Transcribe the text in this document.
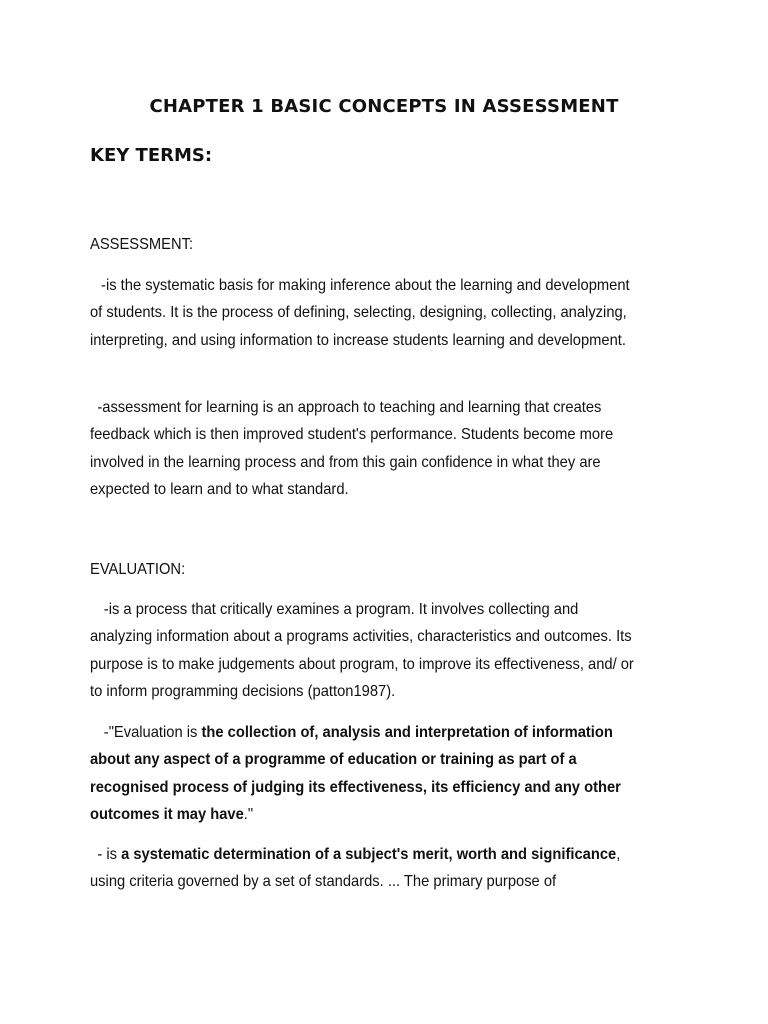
CHAPTER 1 BASIC CONCEPTS IN ASSESSMENT
KEY TERMS:

ASSESSMENT:

-is the systematic basis for making inference about the learning and development of students. It is the process of defining, selecting, designing, collecting, analyzing, interpreting, and using information to increase students learning and development.

-assessment for learning is an approach to teaching and learning that creates feedback which is then improved student's performance. Students become more involved in the learning process and from this gain confidence in what they are expected to learn and to what standard.

EVALUATION:

-is a process that critically examines a program. It involves collecting and analyzing information about a programs activities, characteristics and outcomes. Its purpose is to make judgements about program, to improve its effectiveness, and/ or to inform programming decisions (patton1987).

-"Evaluation is the collection of, analysis and interpretation of information about any aspect of a programme of education or training as part of a recognised process of judging its effectiveness, its efficiency and any other outcomes it may have."

- is a systematic determination of a subject's merit, worth and significance, using criteria governed by a set of standards. ... The primary purpose of
